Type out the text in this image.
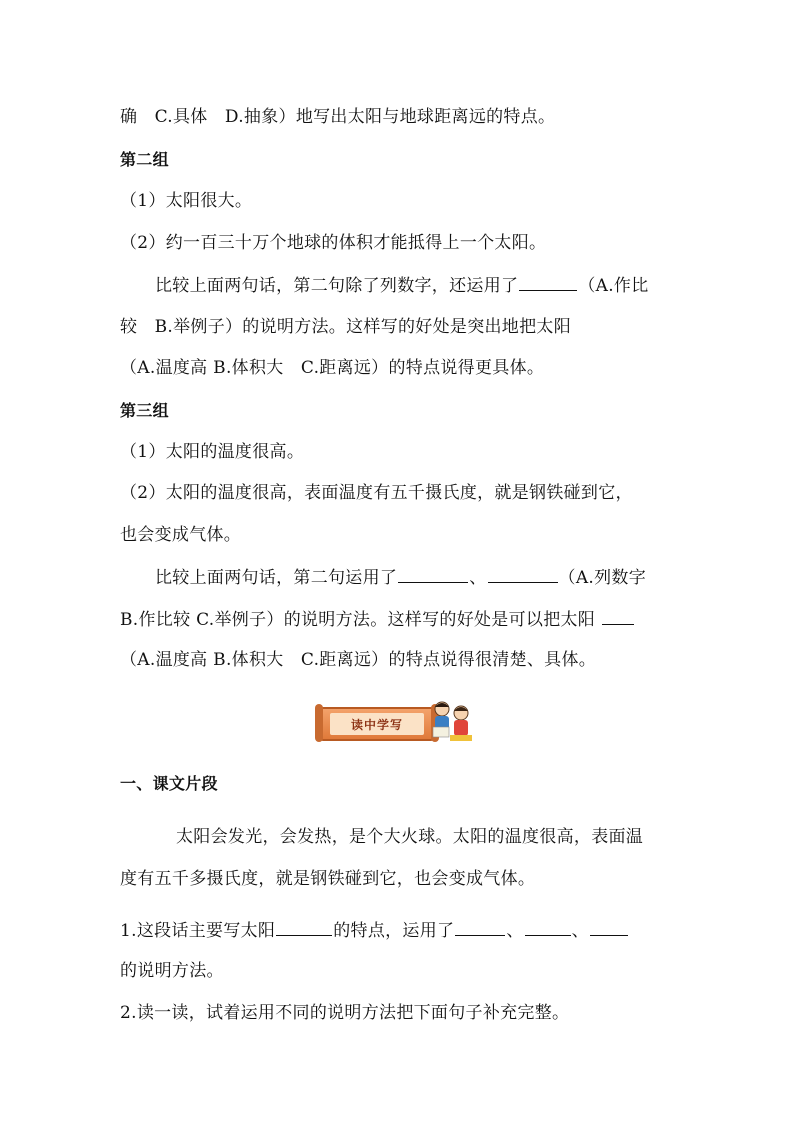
确　C.具体　D.抽象）地写出太阳与地球距离远的特点。
第二组
（1）太阳很大。
（2）约一百三十万个地球的体积才能抵得上一个太阳。
比较上面两句话，第二句除了列数字，还运用了	（A.作比
较　B.举例子）的说明方法。这样写的好处是突出地把太阳
（A.温度高 B.体积大　C.距离远）的特点说得更具体。
第三组
（1）太阳的温度很高。
（2）太阳的温度很高，表面温度有五千摄氏度，就是钢铁碰到它，
也会变成气体。
比较上面两句话，第二句运用了	、	（A.列数字
B.作比较 C.举例子）的说明方法。这样写的好处是可以把太阳
（A.温度高 B.体积大　C.距离远）的特点说得很清楚、具体。
读中学写
一、课文片段
太阳会发光，会发热，是个大火球。太阳的温度很高，表面温
度有五千多摄氏度，就是钢铁碰到它，也会变成气体。
1.这段话主要写太阳	的特点，运用了	、	、
的说明方法。
2.读一读，试着运用不同的说明方法把下面句子补充完整。
